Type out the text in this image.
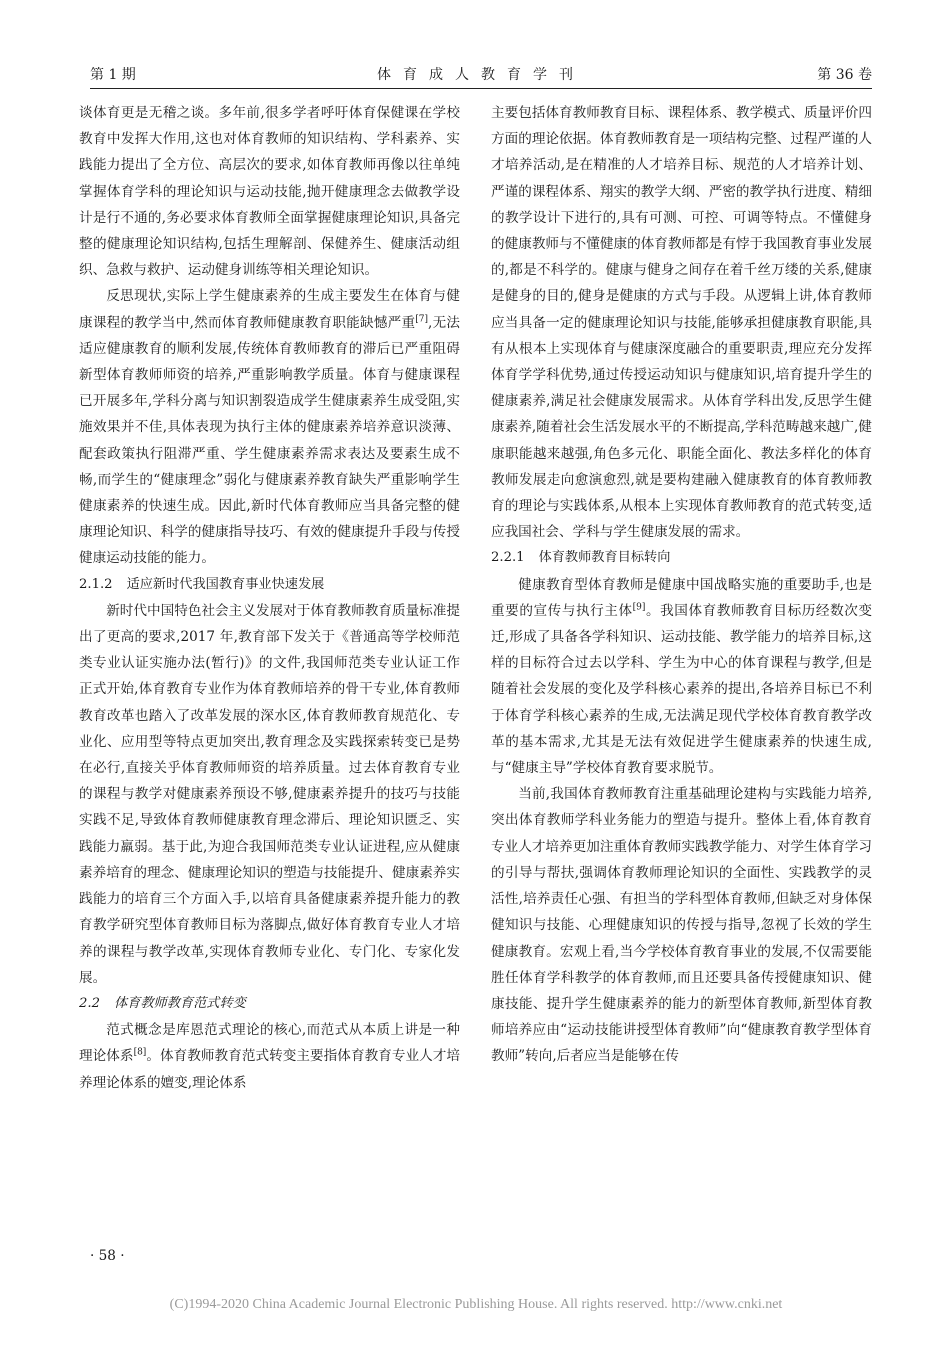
第 1 期	体育成人教育学刊	第 36 卷

谈体育更是无稽之谈。多年前,很多学者呼吁体育保健课在学校教育中发挥大作用,这也对体育教师的知识结构、学科素养、实践能力提出了全方位、高层次的要求,如体育教师再像以往单纯掌握体育学科的理论知识与运动技能,抛开健康理念去做教学设计是行不通的,务必要求体育教师全面掌握健康理论知识,具备完整的健康理论知识结构,包括生理解剖、保健养生、健康活动组织、急救与救护、运动健身训练等相关理论知识。

反思现状,实际上学生健康素养的生成主要发生在体育与健康课程的教学当中,然而体育教师健康教育职能缺憾严重[7],无法适应健康教育的顺利发展,传统体育教师教育的滞后已严重阻碍新型体育教师师资的培养,严重影响教学质量。体育与健康课程已开展多年,学科分离与知识割裂造成学生健康素养生成受阻,实施效果并不佳,具体表现为执行主体的健康素养培养意识淡薄、配套政策执行阻滞严重、学生健康素养需求表达及要素生成不畅,而学生的“健康理念”弱化与健康素养教育缺失严重影响学生健康素养的快速生成。因此,新时代体育教师应当具备完整的健康理论知识、科学的健康指导技巧、有效的健康提升手段与传授健康运动技能的能力。

2.1.2 适应新时代我国教育事业快速发展

新时代中国特色社会主义发展对于体育教师教育质量标准提出了更高的要求,2017 年,教育部下发关于《普通高等学校师范类专业认证实施办法(暂行)》的文件,我国师范类专业认证工作正式开始,体育教育专业作为体育教师培养的骨干专业,体育教师教育改革也踏入了改革发展的深水区,体育教师教育规范化、专业化、应用型等特点更加突出,教育理念及实践探索转变已是势在必行,直接关乎体育教师师资的培养质量。过去体育教育专业的课程与教学对健康素养预设不够,健康素养提升的技巧与技能实践不足,导致体育教师健康教育理念滞后、理论知识匮乏、实践能力羸弱。基于此,为迎合我国师范类专业认证进程,应从健康素养培育的理念、健康理论知识的塑造与技能提升、健康素养实践能力的培育三个方面入手,以培育具备健康素养提升能力的教育教学研究型体育教师目标为落脚点,做好体育教育专业人才培养的课程与教学改革,实现体育教师专业化、专门化、专家化发展。

2.2 体育教师教育范式转变

范式概念是库恩范式理论的核心,而范式从本质上讲是一种理论体系[8]。体育教师教育范式转变主要指体育教育专业人才培养理论体系的嬗变,理论体系

主要包括体育教师教育目标、课程体系、教学模式、质量评价四方面的理论依据。体育教师教育是一项结构完整、过程严谨的人才培养活动,是在精准的人才培养目标、规范的人才培养计划、严谨的课程体系、翔实的教学大纲、严密的教学执行进度、精细的教学设计下进行的,具有可测、可控、可调等特点。不懂健身的健康教师与不懂健康的体育教师都是有悖于我国教育事业发展的,都是不科学的。健康与健身之间存在着千丝万缕的关系,健康是健身的目的,健身是健康的方式与手段。从逻辑上讲,体育教师应当具备一定的健康理论知识与技能,能够承担健康教育职能,具有从根本上实现体育与健康深度融合的重要职责,理应充分发挥体育学学科优势,通过传授运动知识与健康知识,培育提升学生的健康素养,满足社会健康发展需求。从体育学科出发,反思学生健康素养,随着社会生活发展水平的不断提高,学科范畴越来越广,健康职能越来越强,角色多元化、职能全面化、教法多样化的体育教师发展走向愈演愈烈,就是要构建融入健康教育的体育教师教育的理论与实践体系,从根本上实现体育教师教育的范式转变,适应我国社会、学科与学生健康发展的需求。

2.2.1 体育教师教育目标转向

健康教育型体育教师是健康中国战略实施的重要助手,也是重要的宣传与执行主体[9]。我国体育教师教育目标历经数次变迁,形成了具备各学科知识、运动技能、教学能力的培养目标,这样的目标符合过去以学科、学生为中心的体育课程与教学,但是随着社会发展的变化及学科核心素养的提出,各培养目标已不利于体育学科核心素养的生成,无法满足现代学校体育教育教学改革的基本需求,尤其是无法有效促进学生健康素养的快速生成,与“健康主导”学校体育教育要求脱节。

当前,我国体育教师教育注重基础理论建构与实践能力培养,突出体育教师学科业务能力的塑造与提升。整体上看,体育教育专业人才培养更加注重体育教师实践教学能力、对学生体育学习的引导与帮扶,强调体育教师理论知识的全面性、实践教学的灵活性,培养责任心强、有担当的学科型体育教师,但缺乏对身体保健知识与技能、心理健康知识的传授与指导,忽视了长效的学生健康教育。宏观上看,当今学校体育教育事业的发展,不仅需要能胜任体育学科教学的体育教师,而且还要具备传授健康知识、健康技能、提升学生健康素养的能力的新型体育教师,新型体育教师培养应由“运动技能讲授型体育教师”向“健康教育教学型体育教师”转向,后者应当是能够在传

· 58 ·
(C)1994-2020 China Academic Journal Electronic Publishing House. All rights reserved. http://www.cnki.net
